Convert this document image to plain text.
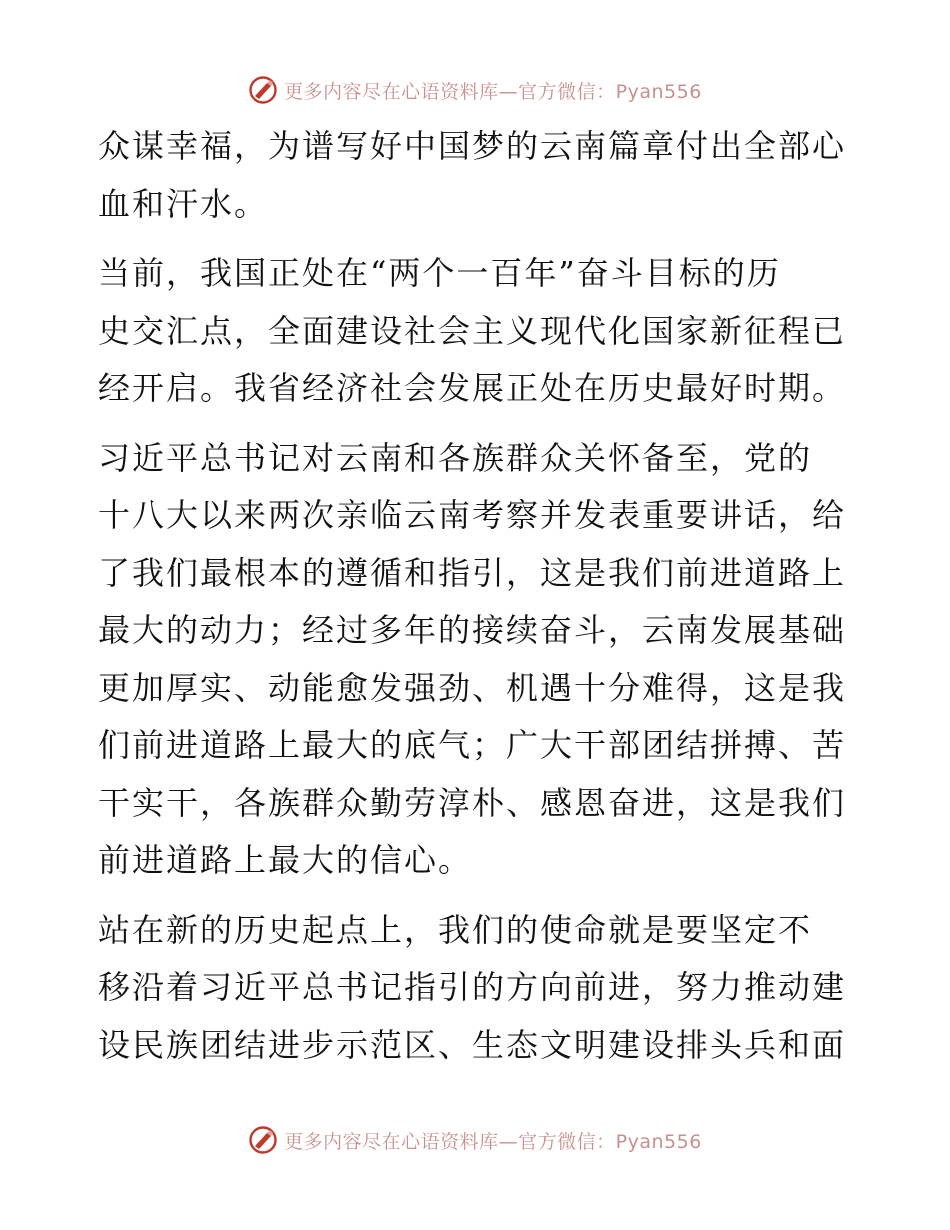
更多内容尽在心语资料库—官方微信：Pyan556

众谋幸福，为谱写好中国梦的云南篇章付出全部心
血和汗水。

当前，我国正处在“两个一百年”奋斗目标的历
史交汇点，全面建设社会主义现代化国家新征程已
经开启。我省经济社会发展正处在历史最好时期。

习近平总书记对云南和各族群众关怀备至，党的
十八大以来两次亲临云南考察并发表重要讲话，给
了我们最根本的遵循和指引，这是我们前进道路上
最大的动力；经过多年的接续奋斗，云南发展基础
更加厚实、动能愈发强劲、机遇十分难得，这是我
们前进道路上最大的底气；广大干部团结拼搏、苦
干实干，各族群众勤劳淳朴、感恩奋进，这是我们
前进道路上最大的信心。

站在新的历史起点上，我们的使命就是要坚定不
移沿着习近平总书记指引的方向前进，努力推动建
设民族团结进步示范区、生态文明建设排头兵和面

更多内容尽在心语资料库—官方微信：Pyan556
